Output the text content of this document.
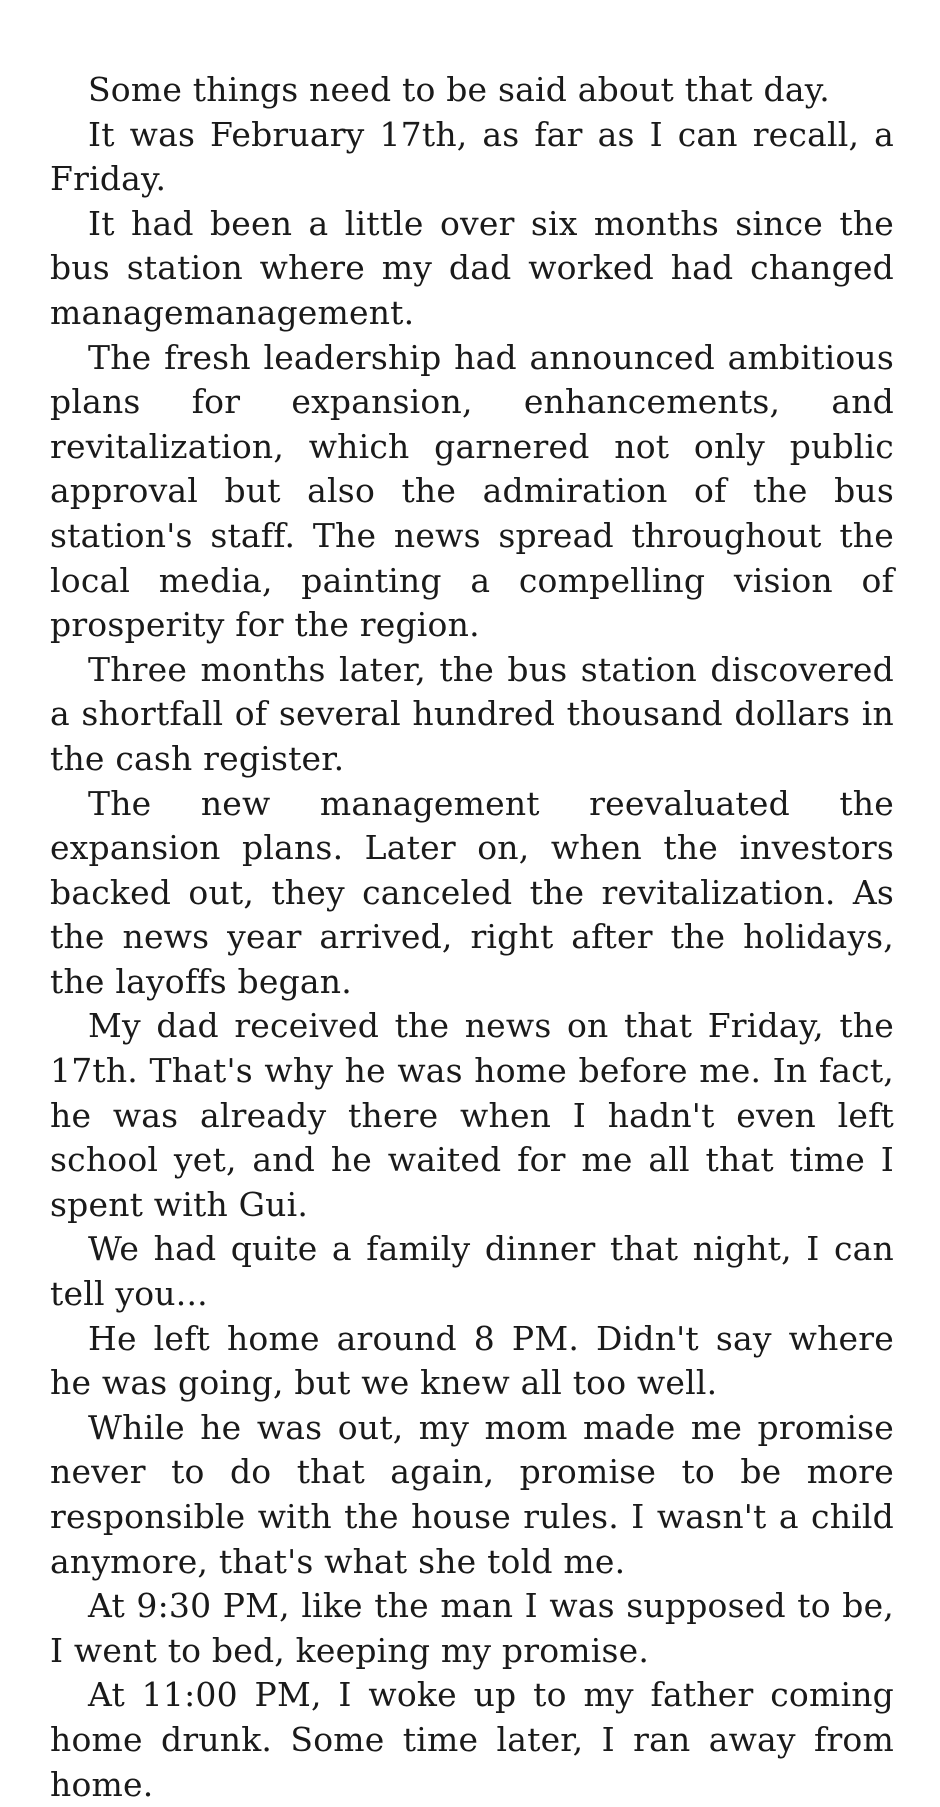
Some things need to be said about that day.

It was February 17th, as far as I can recall, a Friday.

It had been a little over six months since the bus station where my dad worked had changed managemanagement.

The fresh leadership had announced ambitious plans for expansion, enhancements, and revitalization, which garnered not only public approval but also the admiration of the bus station's staff. The news spread throughout the local media, painting a compelling vision of prosperity for the region.

Three months later, the bus station discovered a shortfall of several hundred thousand dollars in the cash register.

The new management reevaluated the expansion plans. Later on, when the investors backed out, they canceled the revitalization. As the news year arrived, right after the holidays, the layoffs began.

My dad received the news on that Friday, the 17th. That's why he was home before me. In fact, he was already there when I hadn't even left school yet, and he waited for me all that time I spent with Gui.

We had quite a family dinner that night, I can tell you...

He left home around 8 PM. Didn't say where he was going, but we knew all too well.

While he was out, my mom made me promise never to do that again, promise to be more responsible with the house rules. I wasn't a child anymore, that's what she told me.

At 9:30 PM, like the man I was supposed to be, I went to bed, keeping my promise.

At 11:00 PM, I woke up to my father coming home drunk. Some time later, I ran away from home.
